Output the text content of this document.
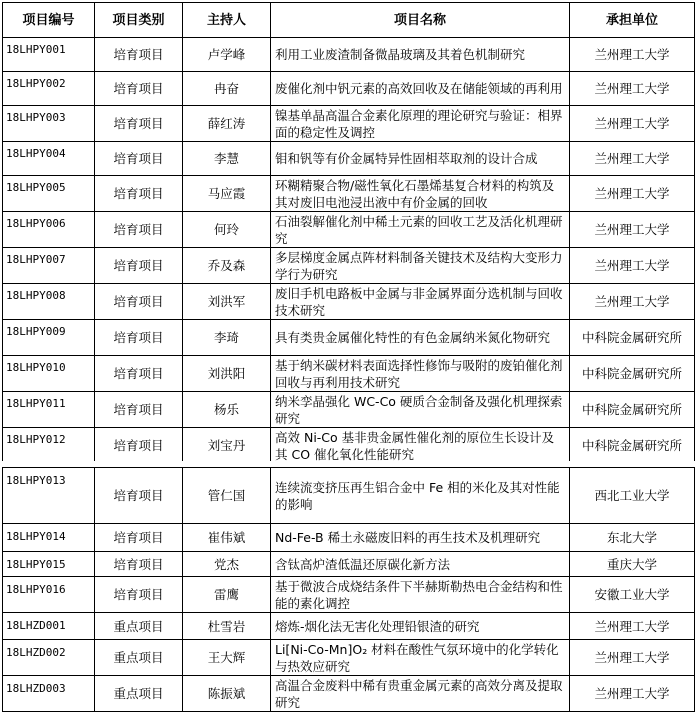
项目编号	项目类别	主持人	项目名称	承担单位
18LHPY001	培育项目	卢学峰	利用工业废渣制备微晶玻璃及其着色机制研究	兰州理工大学
18LHPY002	培育项目	冉奋	废催化剂中钒元素的高效回收及在储能领域的再利用	兰州理工大学
18LHPY003	培育项目	薛红涛	镍基单晶高温合金素化原理的理论研究与验证：相界面的稳定性及调控	兰州理工大学
18LHPY004	培育项目	李慧	钼和钒等有价金属特异性固相萃取剂的设计合成	兰州理工大学
18LHPY005	培育项目	马应霞	环糊精聚合物/磁性氧化石墨烯基复合材料的构筑及其对废旧电池浸出液中有价金属的回收	兰州理工大学
18LHPY006	培育项目	何玲	石油裂解催化剂中稀土元素的回收工艺及活化机理研究	兰州理工大学
18LHPY007	培育项目	乔及森	多层梯度金属点阵材料制备关键技术及结构大变形力学行为研究	兰州理工大学
18LHPY008	培育项目	刘洪军	废旧手机电路板中金属与非金属界面分选机制与回收技术研究	兰州理工大学
18LHPY009	培育项目	李琦	具有类贵金属催化特性的有色金属纳米氮化物研究	中科院金属研究所
18LHPY010	培育项目	刘洪阳	基于纳米碳材料表面选择性修饰与吸附的废铂催化剂回收与再利用技术研究	中科院金属研究所
18LHPY011	培育项目	杨乐	纳米孪晶强化 WC-Co 硬质合金制备及强化机理探索研究	中科院金属研究所
18LHPY012	培育项目	刘宝丹	高效 Ni-Co 基非贵金属性催化剂的原位生长设计及其 CO 催化氧化性能研究	中科院金属研究所
18LHPY013	培育项目	管仁国	连续流变挤压再生铝合金中 Fe 相的米化及其对性能的影响	西北工业大学
18LHPY014	培育项目	崔伟斌	Nd-Fe-B 稀土永磁废旧料的再生技术及机理研究	东北大学
18LHPY015	培育项目	党杰	含钛高炉渣低温还原碳化新方法	重庆大学
18LHPY016	培育项目	雷鹰	基于微波合成烧结条件下半赫斯勒热电合金结构和性能的素化调控	安徽工业大学
18LHZD001	重点项目	杜雪岩	熔炼-烟化法无害化处理铅银渣的研究	兰州理工大学
18LHZD002	重点项目	王大辉	Li[Ni-Co-Mn]O₂ 材料在酸性气氛环境中的化学转化与热效应研究	兰州理工大学
18LHZD003	重点项目	陈振斌	高温合金废料中稀有贵重金属元素的高效分离及提取研究	兰州理工大学
